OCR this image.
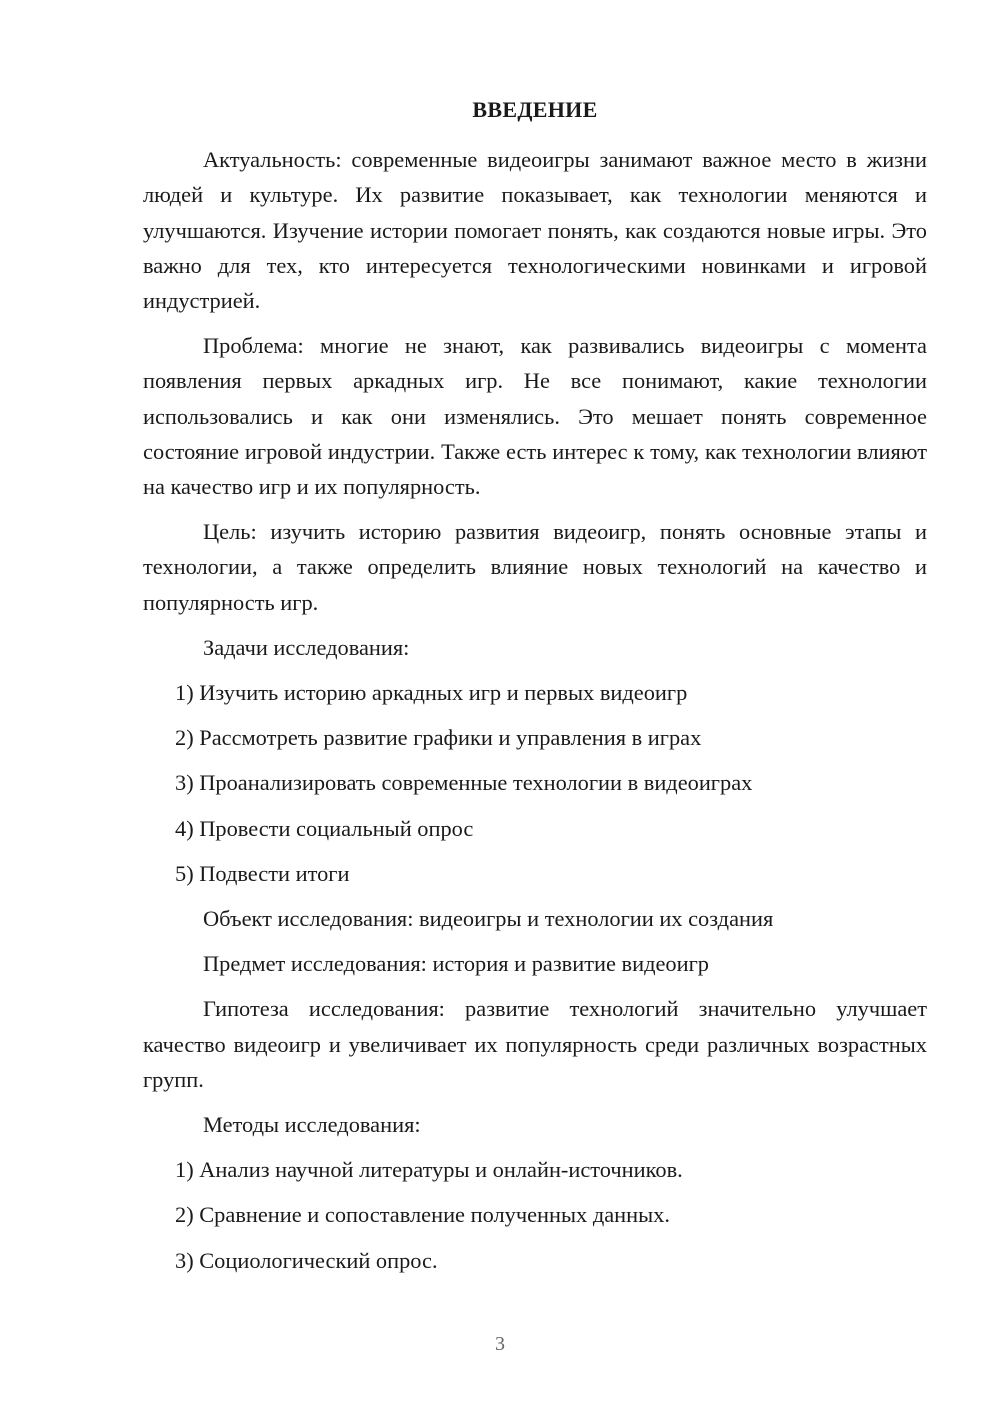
ВВЕДЕНИЕ

Актуальность: современные видеоигры занимают важное место в жизни людей и культуре. Их развитие показывает, как технологии меняются и улучшаются. Изучение истории помогает понять, как создаются новые игры. Это важно для тех, кто интересуется технологическими новинками и игровой индустрией.

Проблема: многие не знают, как развивались видеоигры с момента появления первых аркадных игр. Не все понимают, какие технологии использовались и как они изменялись. Это мешает понять современное состояние игровой индустрии. Также есть интерес к тому, как технологии влияют на качество игр и их популярность.

Цель: изучить историю развития видеоигр, понять основные этапы и технологии, а также определить влияние новых технологий на качество и популярность игр.

Задачи исследования:
1) Изучить историю аркадных игр и первых видеоигр
2) Рассмотреть развитие графики и управления в играх
3) Проанализировать современные технологии в видеоиграх
4) Провести социальный опрос
5) Подвести итоги
Объект исследования: видеоигры и технологии их создания
Предмет исследования: история и развитие видеоигр

Гипотеза исследования: развитие технологий значительно улучшает качество видеоигр и увеличивает их популярность среди различных возрастных групп.

Методы исследования:
1) Анализ научной литературы и онлайн-источников.
2) Сравнение и сопоставление полученных данных.
3) Социологический опрос.
3
